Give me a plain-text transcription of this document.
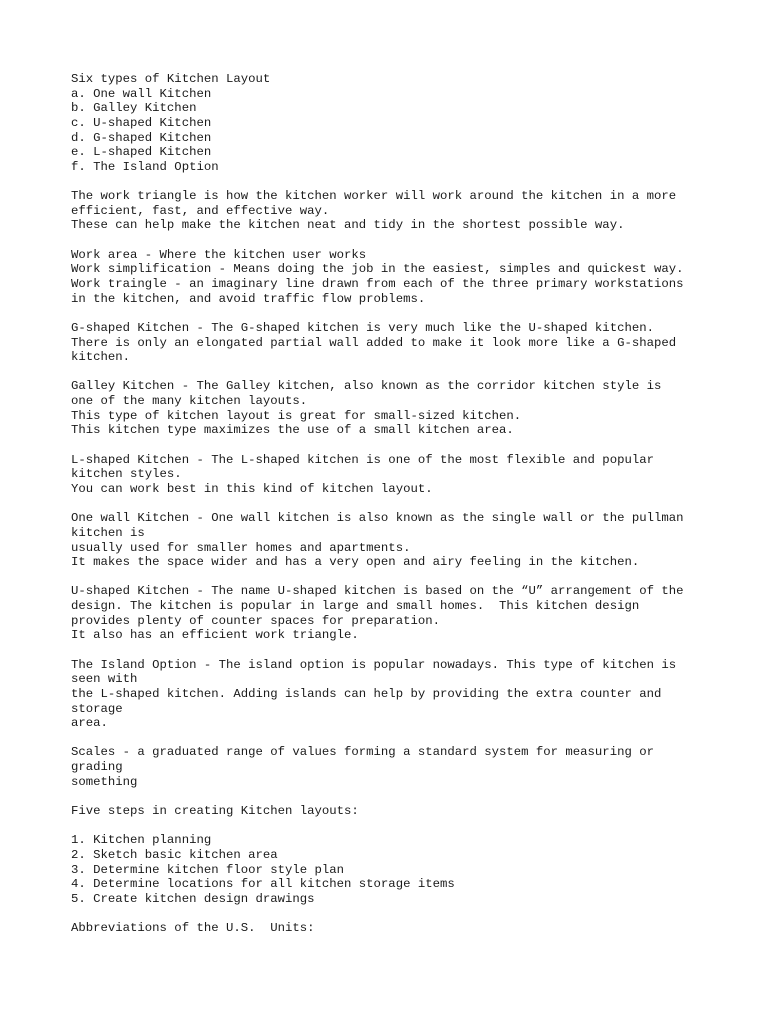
Six types of Kitchen Layout
a. One wall Kitchen
b. Galley Kitchen
c. U-shaped Kitchen
d. G-shaped Kitchen
e. L-shaped Kitchen
f. The Island Option
The work triangle is how the kitchen worker will work around the kitchen in a more
efficient, fast, and effective way.
These can help make the kitchen neat and tidy in the shortest possible way.
Work area - Where the kitchen user works
Work simplification - Means doing the job in the easiest, simples and quickest way.
Work traingle - an imaginary line drawn from each of the three primary workstations
in the kitchen, and avoid traffic flow problems.
G-shaped Kitchen - The G-shaped kitchen is very much like the U-shaped kitchen.
There is only an elongated partial wall added to make it look more like a G-shaped
kitchen.
Galley Kitchen - The Galley kitchen, also known as the corridor kitchen style is
one of the many kitchen layouts.
This type of kitchen layout is great for small-sized kitchen.
This kitchen type maximizes the use of a small kitchen area.
L-shaped Kitchen - The L-shaped kitchen is one of the most flexible and popular
kitchen styles.
You can work best in this kind of kitchen layout.
One wall Kitchen - One wall kitchen is also known as the single wall or the pullman
kitchen is
usually used for smaller homes and apartments.
It makes the space wider and has a very open and airy feeling in the kitchen.
U-shaped Kitchen - The name U-shaped kitchen is based on the “U” arrangement of the
design. The kitchen is popular in large and small homes.  This kitchen design
provides plenty of counter spaces for preparation.
It also has an efficient work triangle.
The Island Option - The island option is popular nowadays. This type of kitchen is
seen with
the L-shaped kitchen. Adding islands can help by providing the extra counter and
storage
area.
Scales - a graduated range of values forming a standard system for measuring or
grading
something
Five steps in creating Kitchen layouts:
1. Kitchen planning
2. Sketch basic kitchen area
3. Determine kitchen floor style plan
4. Determine locations for all kitchen storage items
5. Create kitchen design drawings
Abbreviations of the U.S.  Units:
